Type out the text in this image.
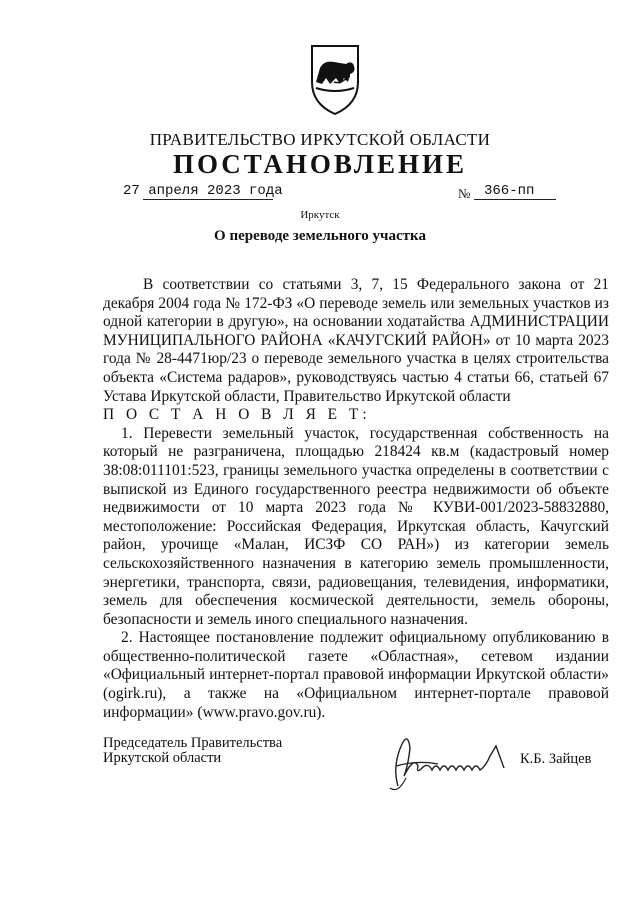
ПРАВИТЕЛЬСТВО ИРКУТСКОЙ ОБЛАСТИ
ПОСТАНОВЛЕНИЕ
27 апреля 2023 года	№ 366-пп
Иркутск
О переводе земельного участка

В соответствии со статьями 3, 7, 15 Федерального закона от 21 декабря 2004 года № 172-ФЗ «О переводе земель или земельных участков из одной категории в другую», на основании ходатайства АДМИНИСТРАЦИИ МУНИЦИПАЛЬНОГО РАЙОНА «КАЧУГСКИЙ РАЙОН» от 10 марта 2023 года № 28-4471юр/23 о переводе земельного участка в целях строительства объекта «Система радаров», руководствуясь частью 4 статьи 66, статьей 67 Устава Иркутской области, Правительство Иркутской области

П О С Т А Н О В Л Я Е Т:

1. Перевести земельный участок, государственная собственность на который не разграничена, площадью 218424 кв.м (кадастровый номер 38:08:011101:523, границы земельного участка определены в соответствии с выпиской из Единого государственного реестра недвижимости об объекте недвижимости от 10 марта 2023 года № КУВИ-001/2023-58832880, местоположение: Российская Федерация, Иркутская область, Качугский район, урочище «Малан, ИСЗФ СО РАН») из категории земель сельскохозяйственного назначения в категорию земель промышленности, энергетики, транспорта, связи, радиовещания, телевидения, информатики, земель для обеспечения космической деятельности, земель обороны, безопасности и земель иного специального назначения.

2. Настоящее постановление подлежит официальному опубликованию в общественно-политической газете «Областная», сетевом издании «Официальный интернет-портал правовой информации Иркутской области» (ogirk.ru), а также на «Официальном интернет-портале правовой информации» (www.pravo.gov.ru).

Председатель Правительства
Иркутской области	К.Б. Зайцев
